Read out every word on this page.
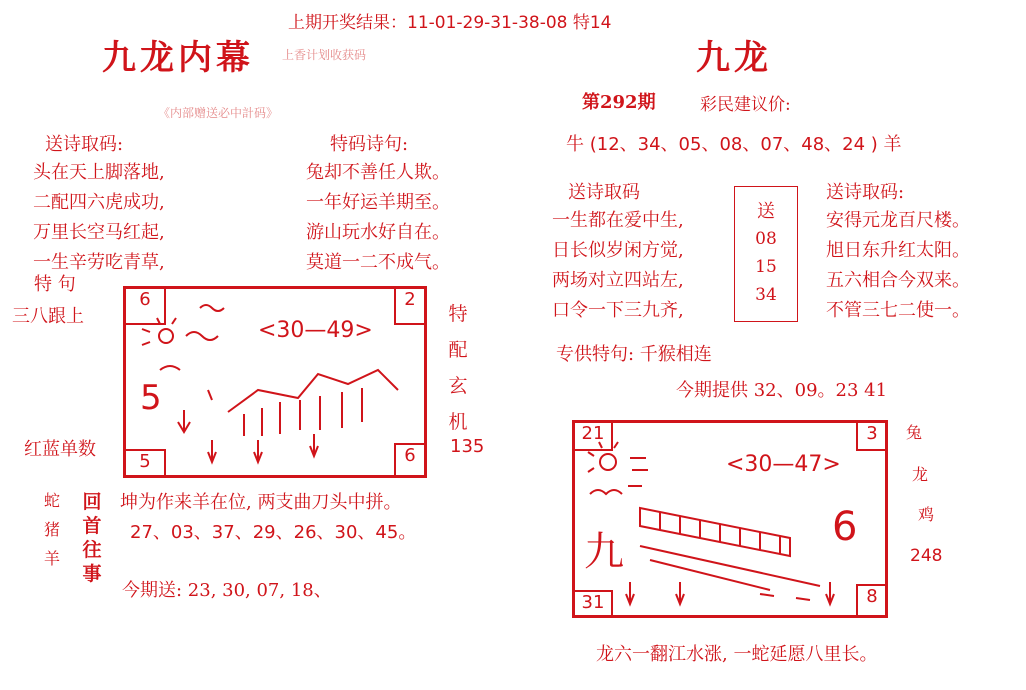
上期开奖结果：11-01-29-31-38-08 特14
九龙内幕 上香计划收获码
《内部赠送必中計码》
送诗取码:
头在天上脚落地,
二配四六虎成功,
万里长空马红起,
一生辛劳吃青草,
特码诗句:
兔却不善任人欺。
一年好运羊期至。
游山玩水好自在。
莫道一二不成气。
特 句
三八跟上	特配玄机
红蓝单数	135
6	2
5	6
<30—49>
5
蛇
猪
羊
回首往事
坤为作来羊在位, 两支曲刀头中拼。
27、03、37、29、26、30、45。
今期送: 23, 30, 07, 18、
九龙
第292期	彩民建议价:
牛 (12、34、05、08、07、48、24 ) 羊
送诗取码
一生都在爱中生,
日长似岁闲方觉,
两场对立四站左,
口令一下三九齐,
送
08
15
34
送诗取码:
安得元龙百尺楼。
旭日东升红太阳。
五六相合今双来。
不管三七二使一。
专供特句: 千猴相连
今期提供 32、09。23 41
21	3
31	8
<30—47>
九
6
兔
龙
鸡
248
龙六一翻江水涨, 一蛇延愿八里长。
